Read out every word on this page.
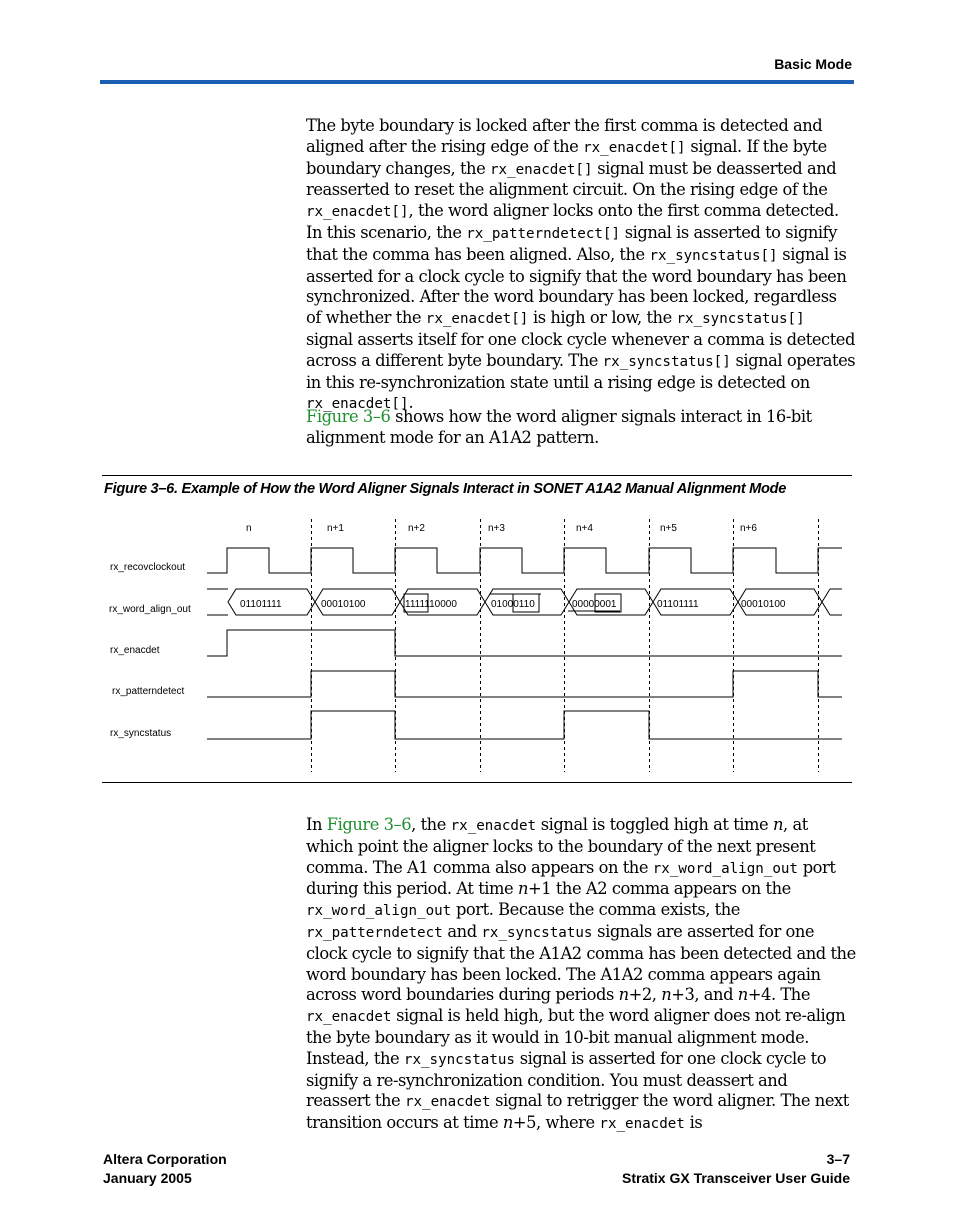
Basic Mode

The byte boundary is locked after the first comma is detected and aligned after the rising edge of the rx_enacdet[] signal. If the byte boundary changes, the rx_enacdet[] signal must be deasserted and reasserted to reset the alignment circuit. On the rising edge of the rx_enacdet[], the word aligner locks onto the first comma detected. In this scenario, the rx_patterndetect[] signal is asserted to signify that the comma has been aligned. Also, the rx_syncstatus[] signal is asserted for a clock cycle to signify that the word boundary has been synchronized. After the word boundary has been locked, regardless of whether the rx_enacdet[] is high or low, the rx_syncstatus[] signal asserts itself for one clock cycle whenever a comma is detected across a different byte boundary. The rx_syncstatus[] signal operates in this re-synchronization state until a rising edge is detected on rx_enacdet[].

Figure 3–6 shows how the word aligner signals interact in 16-bit alignment mode for an A1A2 pattern.

Figure 3–6. Example of How the Word Aligner Signals Interact in SONET A1A2 Manual Alignment Mode
n	n+1	n+2	n+3	n+4	n+5	n+6
rx_recovclockout
rx_word_align_out
rx_enacdet
rx_patterndetect
rx_syncstatus
01101111	00010100	1111110000	01000110	00000001	01101111	00010100

In Figure 3–6, the rx_enacdet signal is toggled high at time n, at which point the aligner locks to the boundary of the next present comma. The A1 comma also appears on the rx_word_align_out port during this period. At time n+1 the A2 comma appears on the rx_word_align_out port. Because the comma exists, the rx_patterndetect and rx_syncstatus signals are asserted for one clock cycle to signify that the A1A2 comma has been detected and the word boundary has been locked. The A1A2 comma appears again across word boundaries during periods n+2, n+3, and n+4. The rx_enacdet signal is held high, but the word aligner does not re-align the byte boundary as it would in 10-bit manual alignment mode. Instead, the rx_syncstatus signal is asserted for one clock cycle to signify a re-synchronization condition. You must deassert and reassert the rx_enacdet signal to retrigger the word aligner. The next transition occurs at time n+5, where rx_enacdet is

Altera Corporation
January 2005
3–7
Stratix GX Transceiver User Guide
